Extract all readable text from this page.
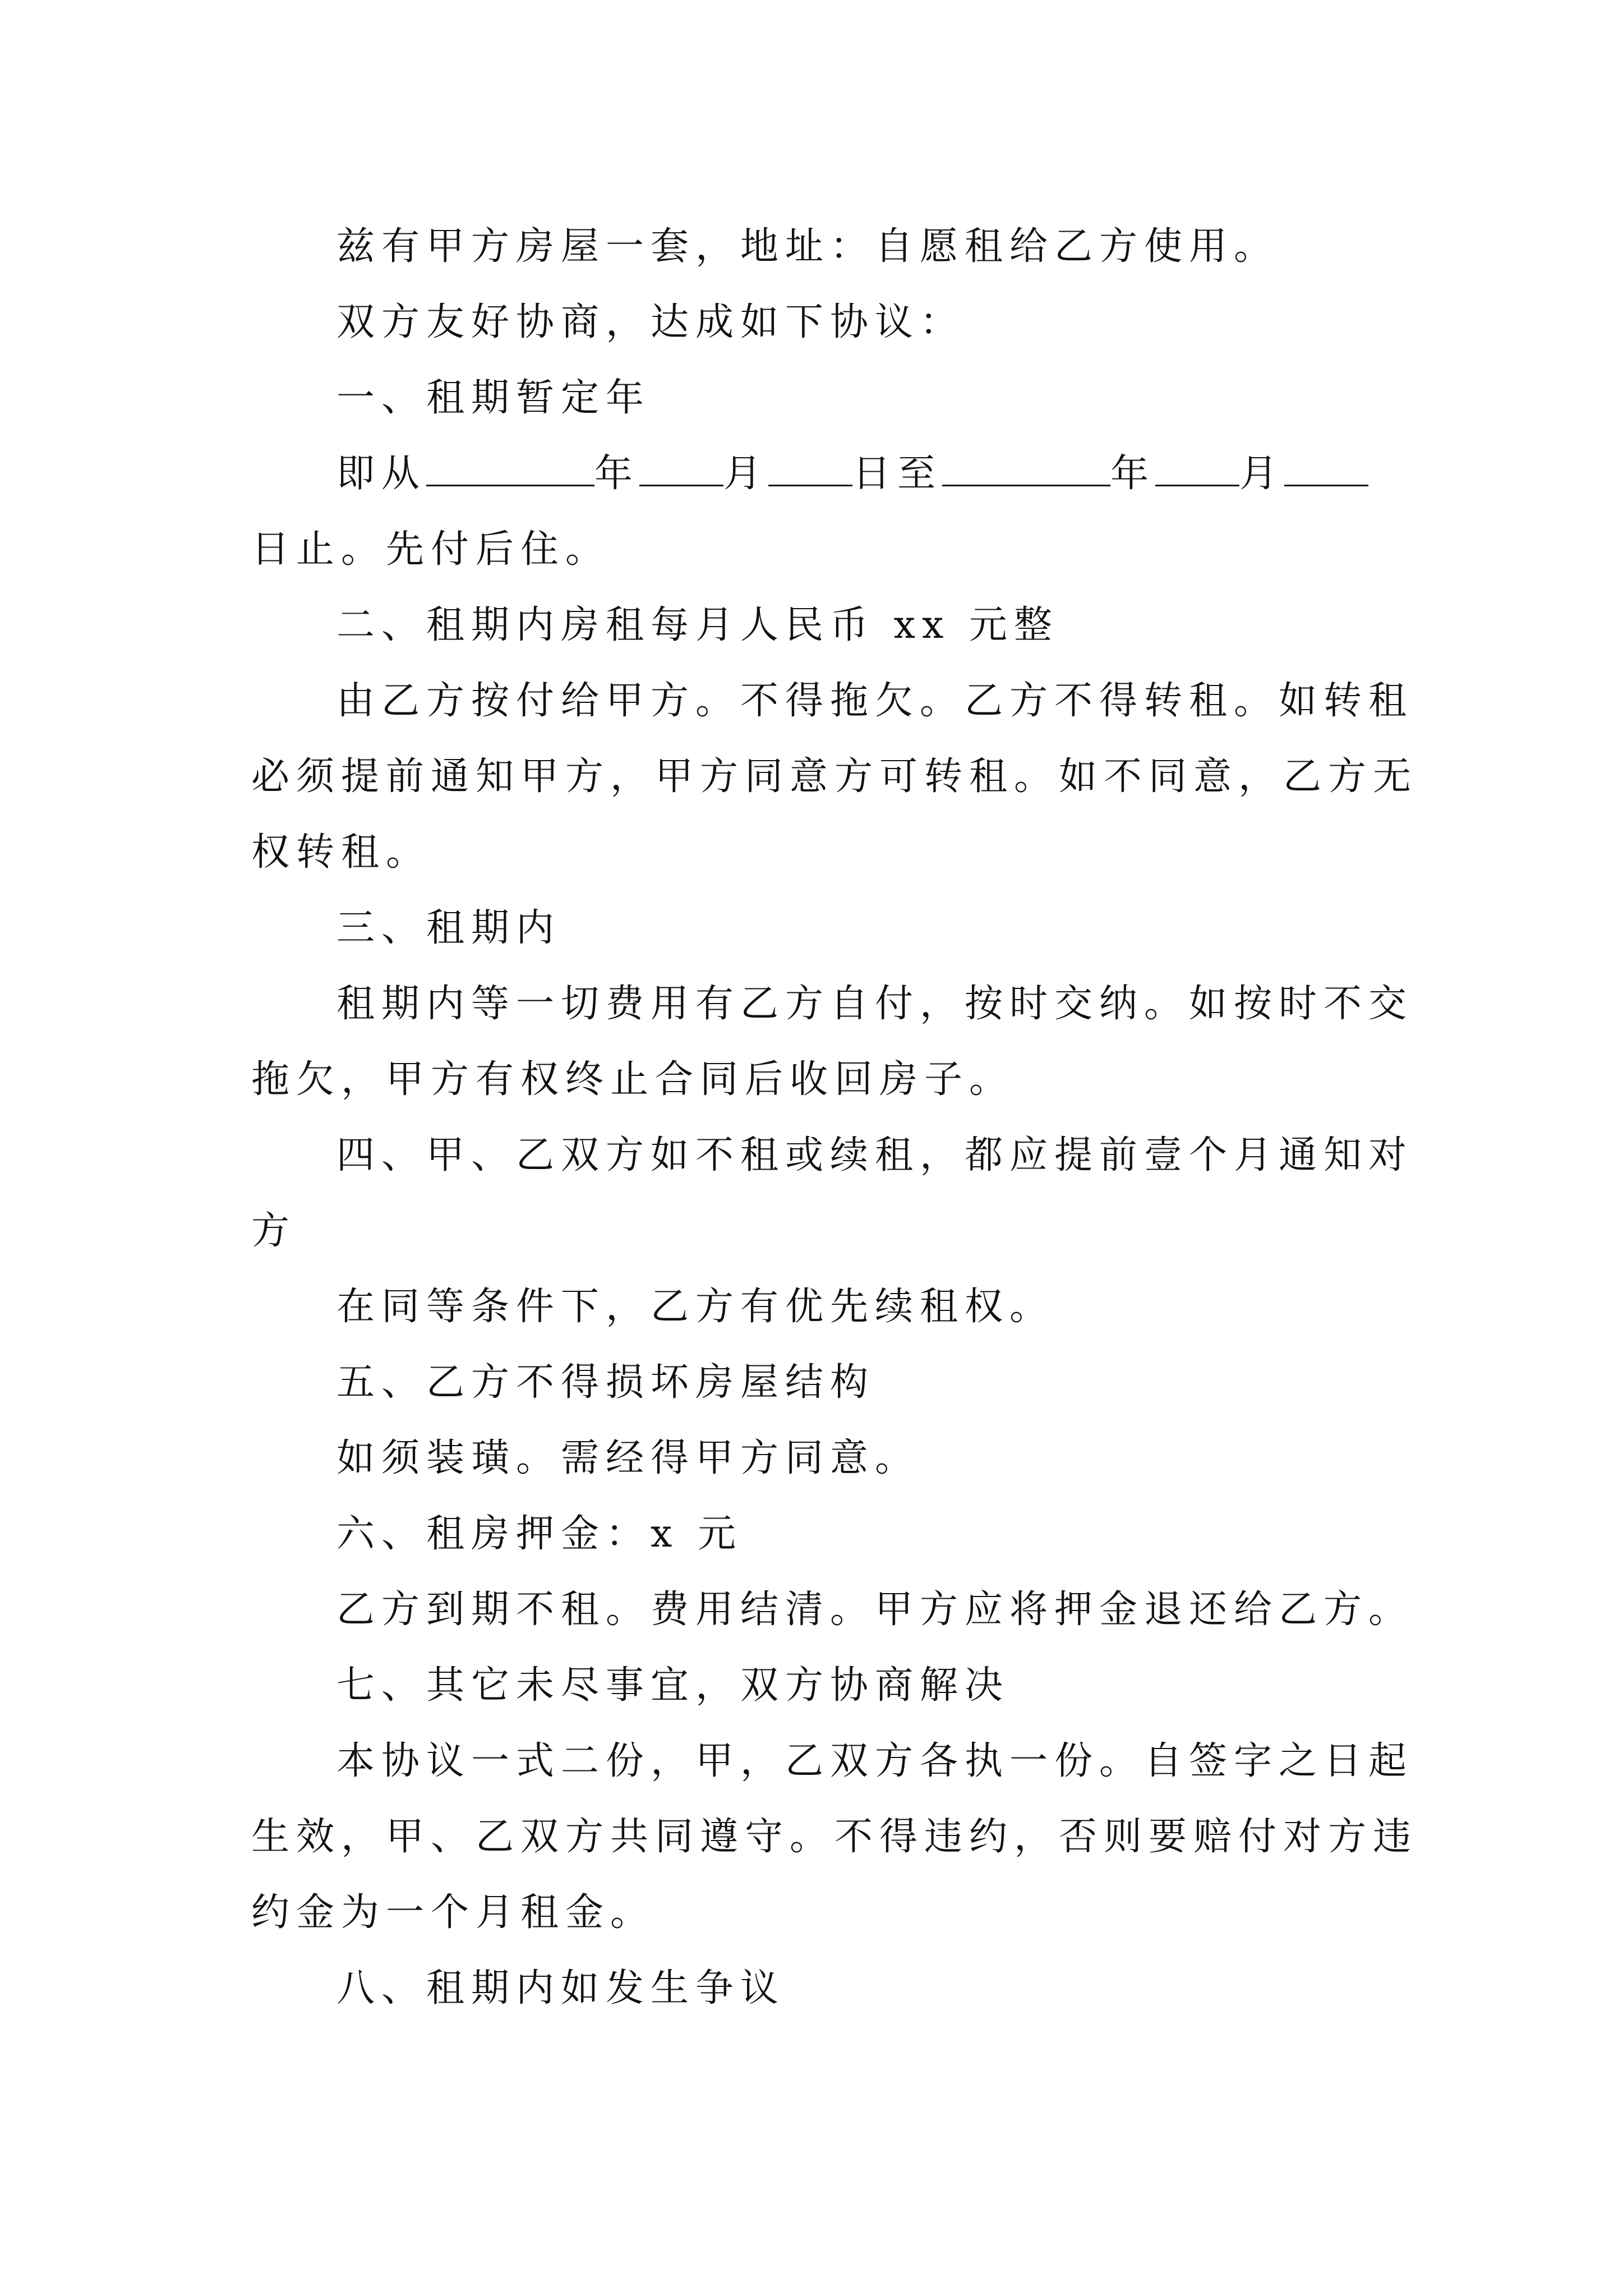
兹有甲方房屋一套，地址：自愿租给乙方使用。
双方友好协商，达成如下协议：
一、租期暂定年
即从	年 月 日至	年 月
日止。先付后住。
二、租期内房租每月人民币 xx 元整
由乙方按付给甲方。不得拖欠。乙方不得转租。如转租
必须提前通知甲方，甲方同意方可转租。如不同意，乙方无
权转租。
三、租期内
租期内等一切费用有乙方自付，按时交纳。如按时不交
拖欠，甲方有权终止合同后收回房子。
四、甲、乙双方如不租或续租，都应提前壹个月通知对
方
在同等条件下，乙方有优先续租权。
五、乙方不得损坏房屋结构
如须装璜。需经得甲方同意。
六、租房押金：x 元
乙方到期不租。费用结清。甲方应将押金退还给乙方。
七、其它未尽事宜，双方协商解决
本协议一式二份，甲，乙双方各执一份。自签字之日起
生效，甲、乙双方共同遵守。不得违约，否则要赔付对方违
约金为一个月租金。
八、租期内如发生争议
